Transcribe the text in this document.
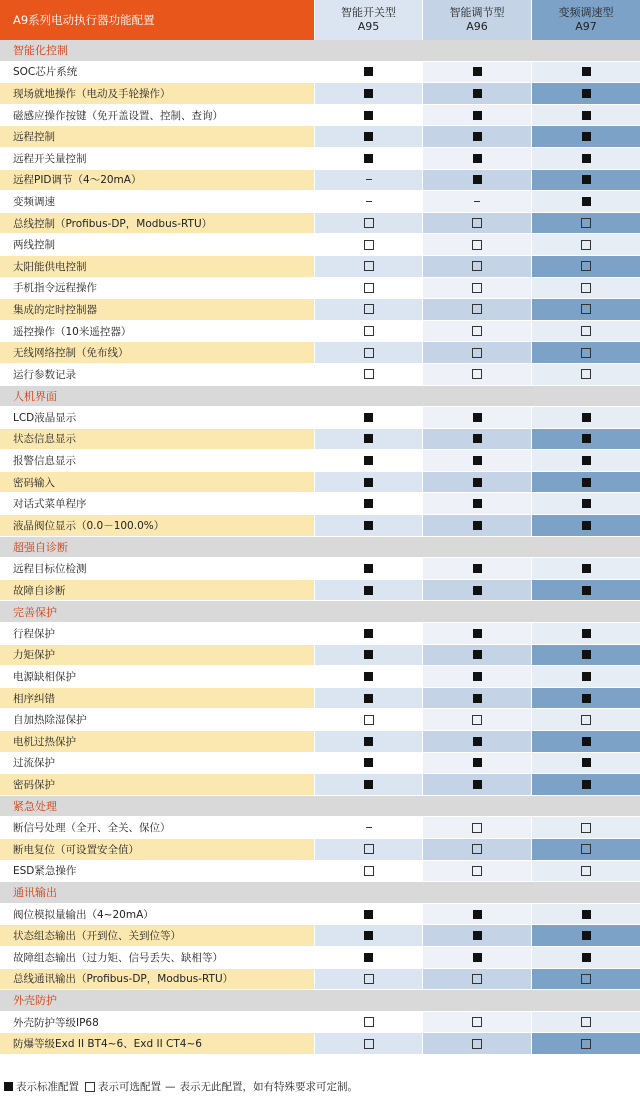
A9系列电动执行器功能配置
智能开关型
A95
智能调节型
A96
变频调速型
A97
智能化控制
SOC芯片系统
现场就地操作（电动及手轮操作）
磁感应操作按键（免开盖设置、控制、查询）
远程控制
远程开关量控制
远程PID调节（4～20mA）
变频调速
总线控制（Profibus-DP，Modbus-RTU）
两线控制
太阳能供电控制
手机指令远程操作
集成的定时控制器
遥控操作（10米遥控器）
无线网络控制（免布线）
运行参数记录
人机界面
LCD液晶显示
状态信息显示
报警信息显示
密码输入
对话式菜单程序
液晶阀位显示（0.0－100.0%）
超强自诊断
远程目标位检测
故障自诊断
完善保护
行程保护
力矩保护
电源缺相保护
相序纠错
自加热除湿保护
电机过热保护
过流保护
密码保护
紧急处理
断信号处理（全开、全关、保位）
断电复位（可设置安全值）
ESD紧急操作
通讯输出
阀位模拟量输出（4~20mA）
状态组态输出（开到位、关到位等）
故障组态输出（过力矩、信号丢失、缺相等）
总线通讯输出（Profibus-DP，Modbus-RTU）
外壳防护
外壳防护等级IP68
防爆等级Exd II BT4~6、Exd II CT4~6
表示标准配置 表示可选配置 — 表示无此配置，如有特殊要求可定制。
